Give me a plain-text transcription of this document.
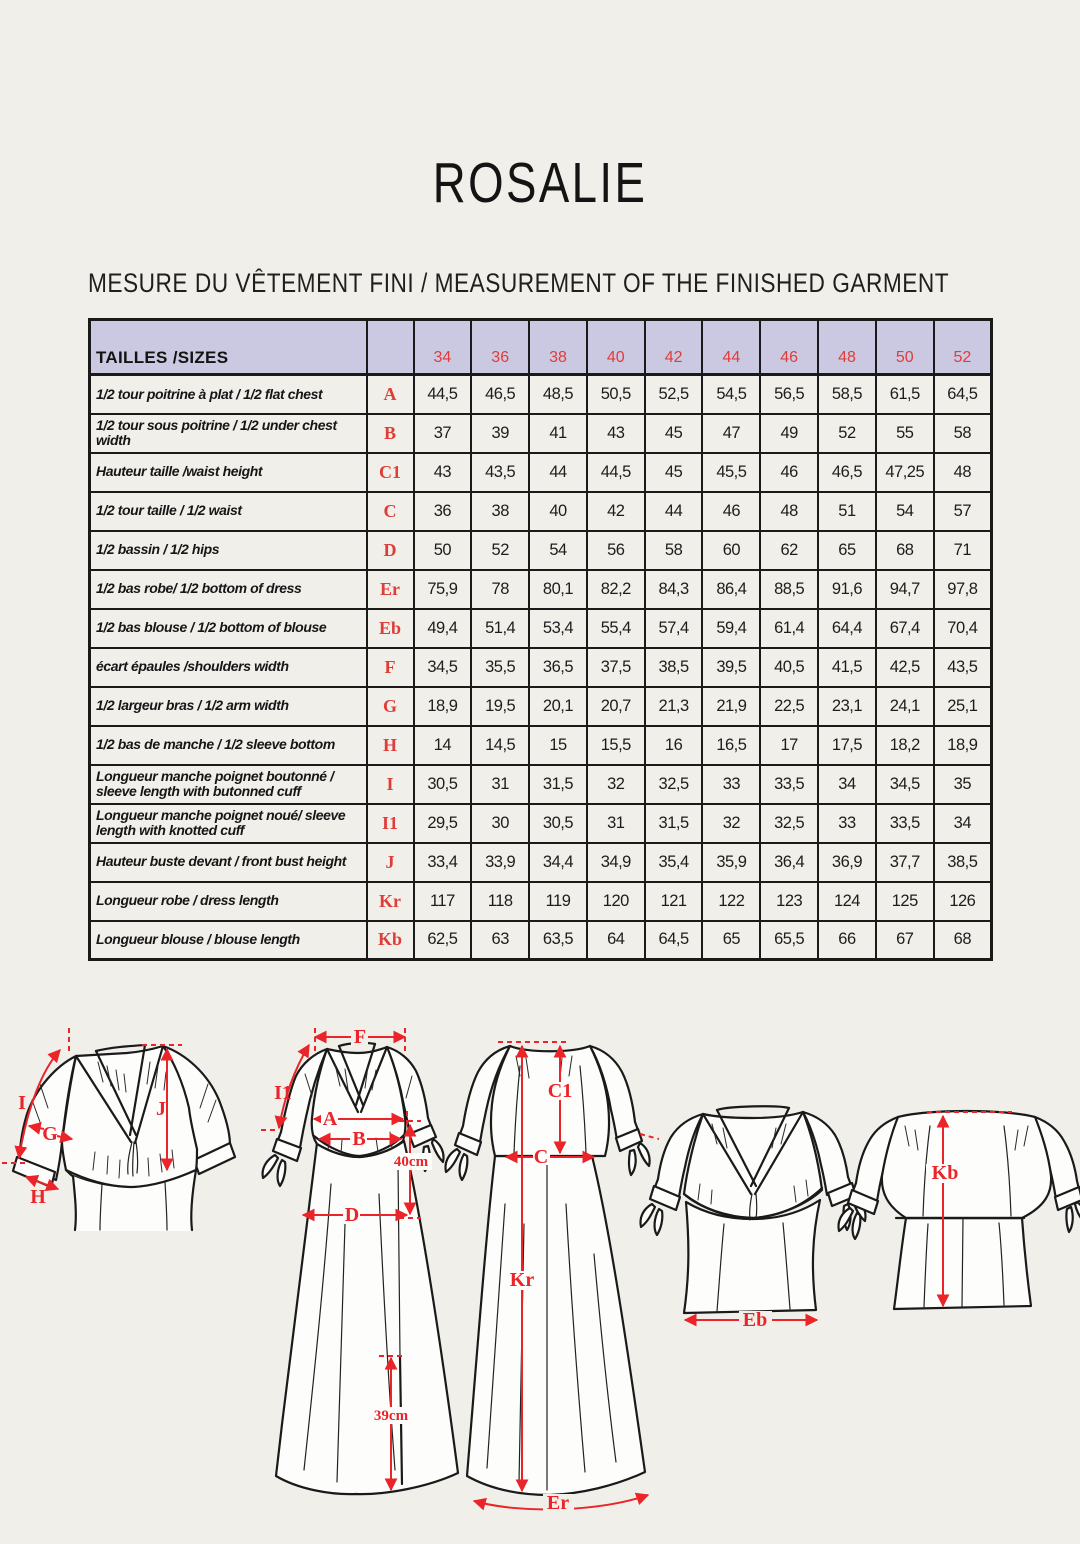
ROSALIE
MESURE DU VÊTEMENT FINI / MEASUREMENT OF THE FINISHED GARMENT
TAILLES /SIZES		34	36	38	40	42	44	46	48	50	52
1/2 tour poitrine à plat / 1/2 flat chest	A	44,5	46,5	48,5	50,5	52,5	54,5	56,5	58,5	61,5	64,5
1/2 tour sous poitrine / 1/2 under chest width	B	37	39	41	43	45	47	49	52	55	58
Hauteur taille /waist height	C1	43	43,5	44	44,5	45	45,5	46	46,5	47,25	48
1/2 tour taille / 1/2 waist	C	36	38	40	42	44	46	48	51	54	57
1/2 bassin / 1/2 hips	D	50	52	54	56	58	60	62	65	68	71
1/2 bas robe/ 1/2 bottom of dress	Er	75,9	78	80,1	82,2	84,3	86,4	88,5	91,6	94,7	97,8
1/2 bas blouse / 1/2 bottom of blouse	Eb	49,4	51,4	53,4	55,4	57,4	59,4	61,4	64,4	67,4	70,4
écart épaules /shoulders width	F	34,5	35,5	36,5	37,5	38,5	39,5	40,5	41,5	42,5	43,5
1/2 largeur bras / 1/2 arm width	G	18,9	19,5	20,1	20,7	21,3	21,9	22,5	23,1	24,1	25,1
1/2 bas de manche / 1/2 sleeve bottom	H	14	14,5	15	15,5	16	16,5	17	17,5	18,2	18,9
Longueur manche poignet boutonné / sleeve length with butonned cuff	I	30,5	31	31,5	32	32,5	33	33,5	34	34,5	35
Longueur manche poignet noué/ sleeve length with knotted cuff	I1	29,5	30	30,5	31	31,5	32	32,5	33	33,5	34
Hauteur buste devant / front bust height	J	33,4	33,9	34,4	34,9	35,4	35,9	36,4	36,9	37,7	38,5
Longueur robe / dress length	Kr	117	118	119	120	121	122	123	124	125	126
Longueur blouse / blouse length	Kb	62,5	63	63,5	64	64,5	65	65,5	66	67	68
I
G
H
J
F
I1
A
B
40cm
D
39cm
C1
Kr
C
Er
Eb
Kb
